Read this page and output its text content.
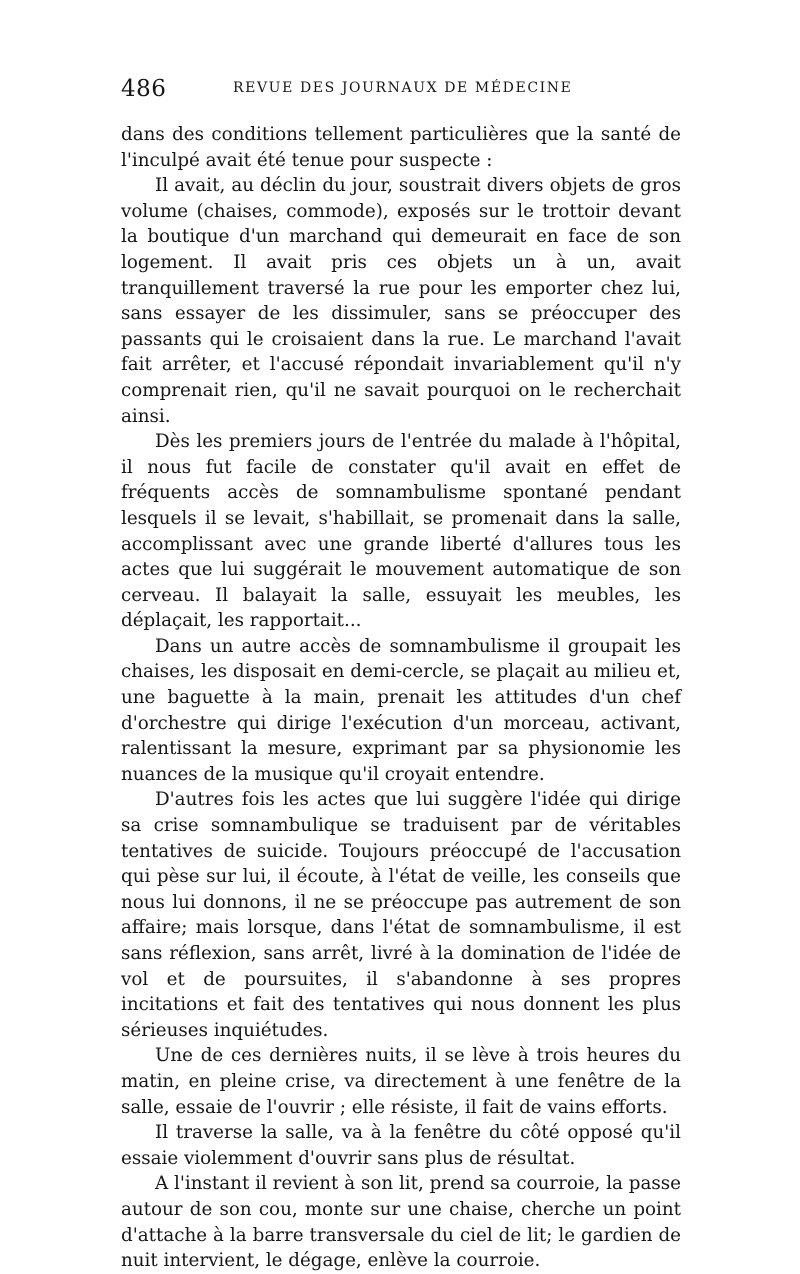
486	REVUE DES JOURNAUX DE MÉDECINE

dans des conditions tellement particulières que la santé de l'inculpé avait été tenue pour suspecte :

Il avait, au déclin du jour, soustrait divers objets de gros volume (chaises, commode), exposés sur le trottoir devant la boutique d'un marchand qui demeurait en face de son logement. Il avait pris ces objets un à un, avait tranquillement traversé la rue pour les emporter chez lui, sans essayer de les dissimuler, sans se préoccuper des passants qui le croisaient dans la rue. Le marchand l'avait fait arrêter, et l'accusé répondait invariablement qu'il n'y comprenait rien, qu'il ne savait pourquoi on le recherchait ainsi.

Dès les premiers jours de l'entrée du malade à l'hôpital, il nous fut facile de constater qu'il avait en effet de fréquents accès de somnambulisme spontané pendant lesquels il se levait, s'habillait, se promenait dans la salle, accomplissant avec une grande liberté d'allures tous les actes que lui suggérait le mouvement automatique de son cerveau. Il balayait la salle, essuyait les meubles, les déplaçait, les rapportait...

Dans un autre accès de somnambulisme il groupait les chaises, les disposait en demi-cercle, se plaçait au milieu et, une baguette à la main, prenait les attitudes d'un chef d'orchestre qui dirige l'exécution d'un morceau, activant, ralentissant la mesure, exprimant par sa physionomie les nuances de la musique qu'il croyait entendre.

D'autres fois les actes que lui suggère l'idée qui dirige sa crise somnambulique se traduisent par de véritables tentatives de suicide. Toujours préoccupé de l'accusation qui pèse sur lui, il écoute, à l'état de veille, les conseils que nous lui donnons, il ne se préoccupe pas autrement de son affaire; mais lorsque, dans l'état de somnambulisme, il est sans réflexion, sans arrêt, livré à la domination de l'idée de vol et de poursuites, il s'abandonne à ses propres incitations et fait des tentatives qui nous donnent les plus sérieuses inquiétudes.

Une de ces dernières nuits, il se lève à trois heures du matin, en pleine crise, va directement à une fenêtre de la salle, essaie de l'ouvrir ; elle résiste, il fait de vains efforts.

Il traverse la salle, va à la fenêtre du côté opposé qu'il essaie violemment d'ouvrir sans plus de résultat.

A l'instant il revient à son lit, prend sa courroie, la passe autour de son cou, monte sur une chaise, cherche un point d'attache à la barre transversale du ciel de lit; le gardien de nuit intervient, le dégage, enlève la courroie.
